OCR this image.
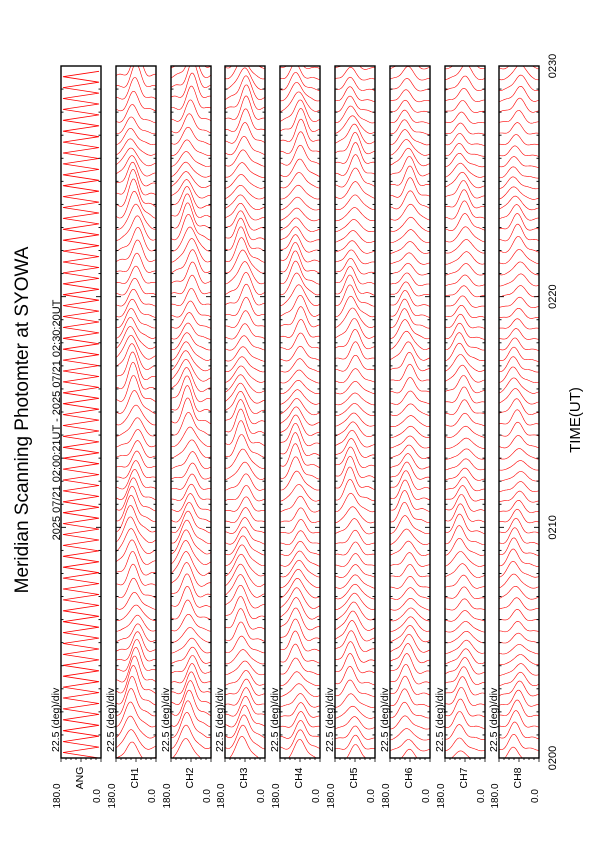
Meridian Scanning Photomter at SYOWA 2025 07/21 02:00:21UT - 2025 07/21 02:30:20UT	TIME(UT)
22.5 (deg)/div
ANG
180.0	0.0
22.5 (deg)/div
CH1
180.0	0.0
22.5 (deg)/div
CH2
180.0	0.0
22.5 (deg)/div
CH3
180.0	0.0
22.5 (deg)/div
CH4
180.0	0.0
22.5 (deg)/div
CH5
180.0	0.0
22.5 (deg)/div
CH6
180.0	0.0
22.5 (deg)/div
CH7
180.0	0.0
22.5 (deg)/div
CH8
180.0	0.0
0200
0210
0220
0230
